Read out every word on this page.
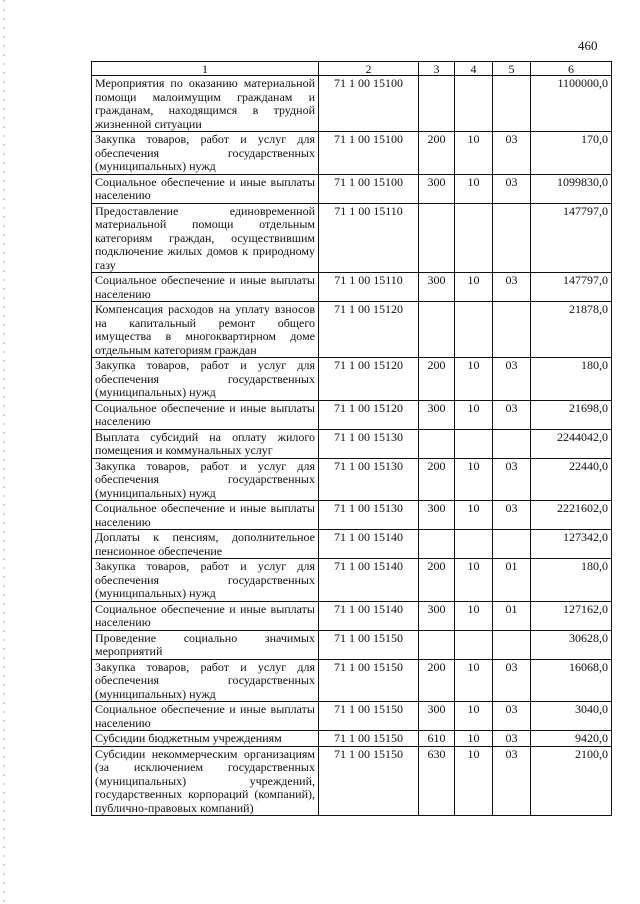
460
1	2	3	4	5	6
Мероприятия по оказанию материальной помощи малоимущим гражданам и гражданам, находящимся в трудной жизненной ситуации	71 1 00 15100				1100000,0
Закупка товаров, работ и услуг для обеспечения государственных (муниципальных) нужд	71 1 00 15100	200	10	03	170,0
Социальное обеспечение и иные выплаты населению	71 1 00 15100	300	10	03	1099830,0
Предоставление единовременной материальной помощи отдельным категориям граждан, осуществившим подключение жилых домов к природному газу	71 1 00 15110				147797,0
Социальное обеспечение и иные выплаты населению	71 1 00 15110	300	10	03	147797,0
Компенсация расходов на уплату взносов на капитальный ремонт общего имущества в многоквартирном доме отдельным категориям граждан	71 1 00 15120				21878,0
Закупка товаров, работ и услуг для обеспечения государственных (муниципальных) нужд	71 1 00 15120	200	10	03	180,0
Социальное обеспечение и иные выплаты населению	71 1 00 15120	300	10	03	21698,0
Выплата субсидий на оплату жилого помещения и коммунальных услуг	71 1 00 15130				2244042,0
Закупка товаров, работ и услуг для обеспечения государственных (муниципальных) нужд	71 1 00 15130	200	10	03	22440,0
Социальное обеспечение и иные выплаты населению	71 1 00 15130	300	10	03	2221602,0
Доплаты к пенсиям, дополнительное пенсионное обеспечение	71 1 00 15140				127342,0
Закупка товаров, работ и услуг для обеспечения государственных (муниципальных) нужд	71 1 00 15140	200	10	01	180,0
Социальное обеспечение и иные выплаты населению	71 1 00 15140	300	10	01	127162,0
Проведение социально значимых мероприятий	71 1 00 15150				30628,0
Закупка товаров, работ и услуг для обеспечения государственных (муниципальных) нужд	71 1 00 15150	200	10	03	16068,0
Социальное обеспечение и иные выплаты населению	71 1 00 15150	300	10	03	3040,0
Субсидии бюджетным учреждениям	71 1 00 15150	610	10	03	9420,0
Субсидии некоммерческим организациям (за исключением государственных (муниципальных) учреждений, государственных корпораций (компаний), публично-правовых компаний)	71 1 00 15150	630	10	03	2100,0
